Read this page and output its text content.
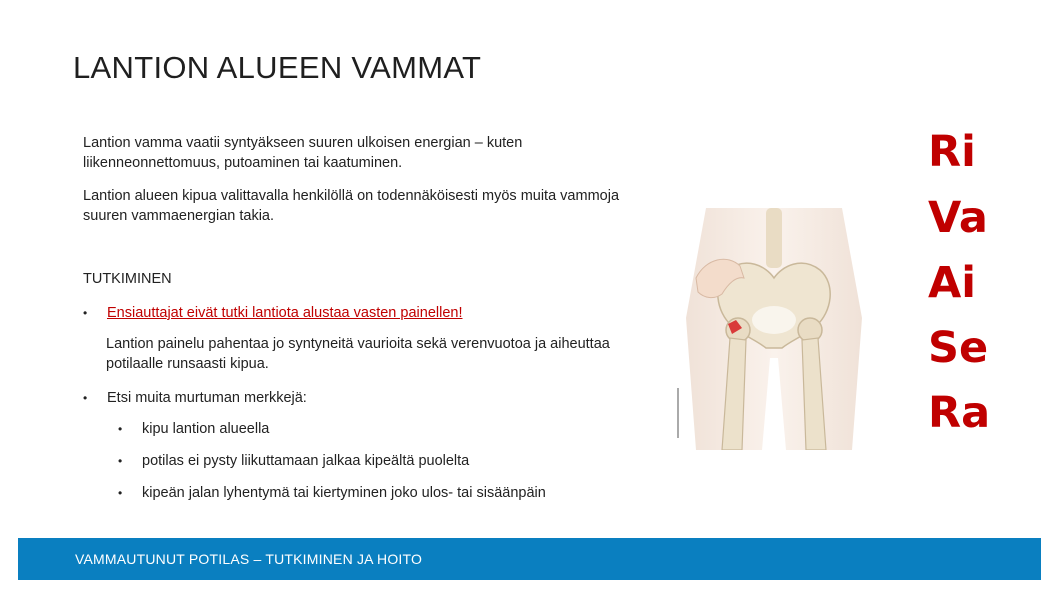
LANTION ALUEEN VAMMAT

Lantion vamma vaatii syntyäkseen suuren ulkoisen energian – kuten liikenneonnettomuus, putoaminen tai kaatuminen.

Lantion alueen kipua valittavalla henkilöllä on todennäköisesti myös muita vammoja suuren vammaenergian takia.

TUTKIMINEN

•	Ensiauttajat eivät tutki lantiota alustaa vasten painellen!

Lantion painelu pahentaa jo syntyneitä vaurioita sekä verenvuotoa ja aiheuttaa potilaalle runsaasti kipua.

•	Etsi muita murtuman merkkejä:
•	kipu lantion alueella
•	potilas ei pysty liikuttamaan jalkaa kipeältä puolelta
•	kipeän jalan lyhentymä tai kiertyminen joko ulos- tai sisäänpäin
Ri
Va
Ai
Se
Ra
VAMMAUTUNUT POTILAS – TUTKIMINEN JA HOITO
